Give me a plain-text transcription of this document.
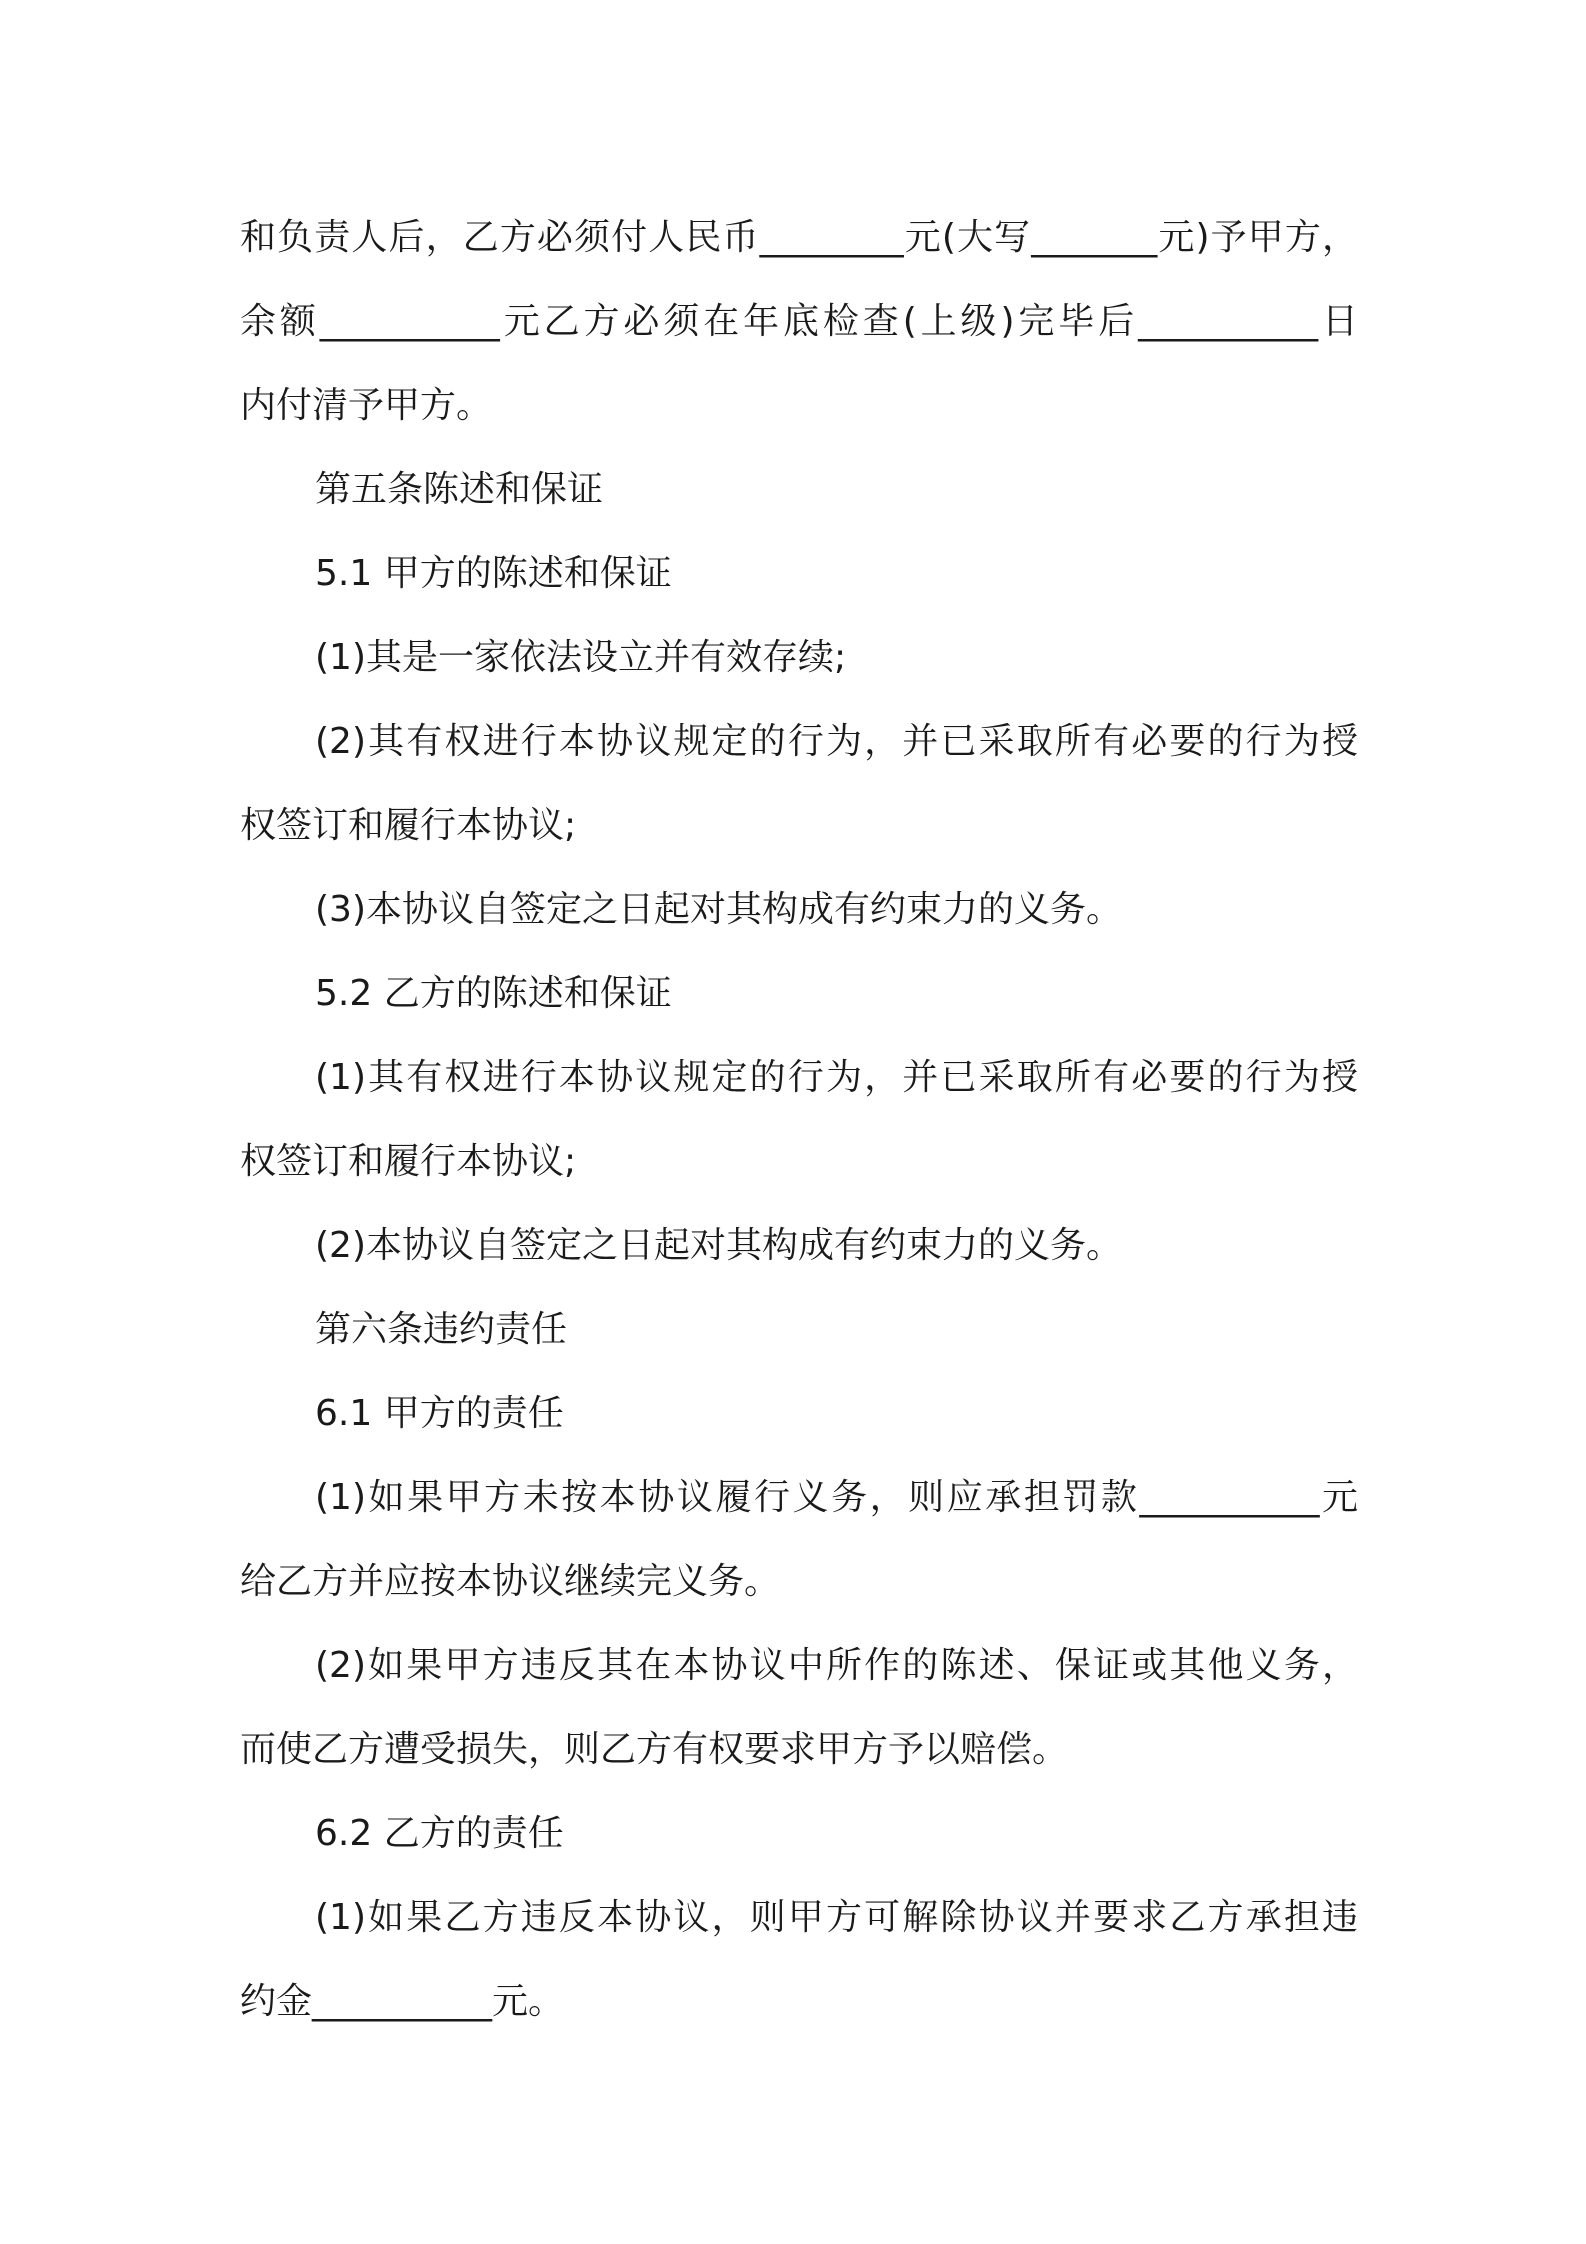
和负责人后，乙方必须付人民币________元(大写_______元)予甲方，
余额__________元乙方必须在年底检查(上级)完毕后__________日
内付清予甲方。
第五条陈述和保证
5.1 甲方的陈述和保证
(1)其是一家依法设立并有效存续;
(2)其有权进行本协议规定的行为，并已采取所有必要的行为授
权签订和履行本协议;
(3)本协议自签定之日起对其构成有约束力的义务。
5.2 乙方的陈述和保证
(1)其有权进行本协议规定的行为，并已采取所有必要的行为授
权签订和履行本协议;
(2)本协议自签定之日起对其构成有约束力的义务。
第六条违约责任
6.1 甲方的责任
(1)如果甲方未按本协议履行义务，则应承担罚款__________元
给乙方并应按本协议继续完义务。
(2)如果甲方违反其在本协议中所作的陈述、保证或其他义务，
而使乙方遭受损失，则乙方有权要求甲方予以赔偿。
6.2 乙方的责任
(1)如果乙方违反本协议，则甲方可解除协议并要求乙方承担违
约金__________元。
